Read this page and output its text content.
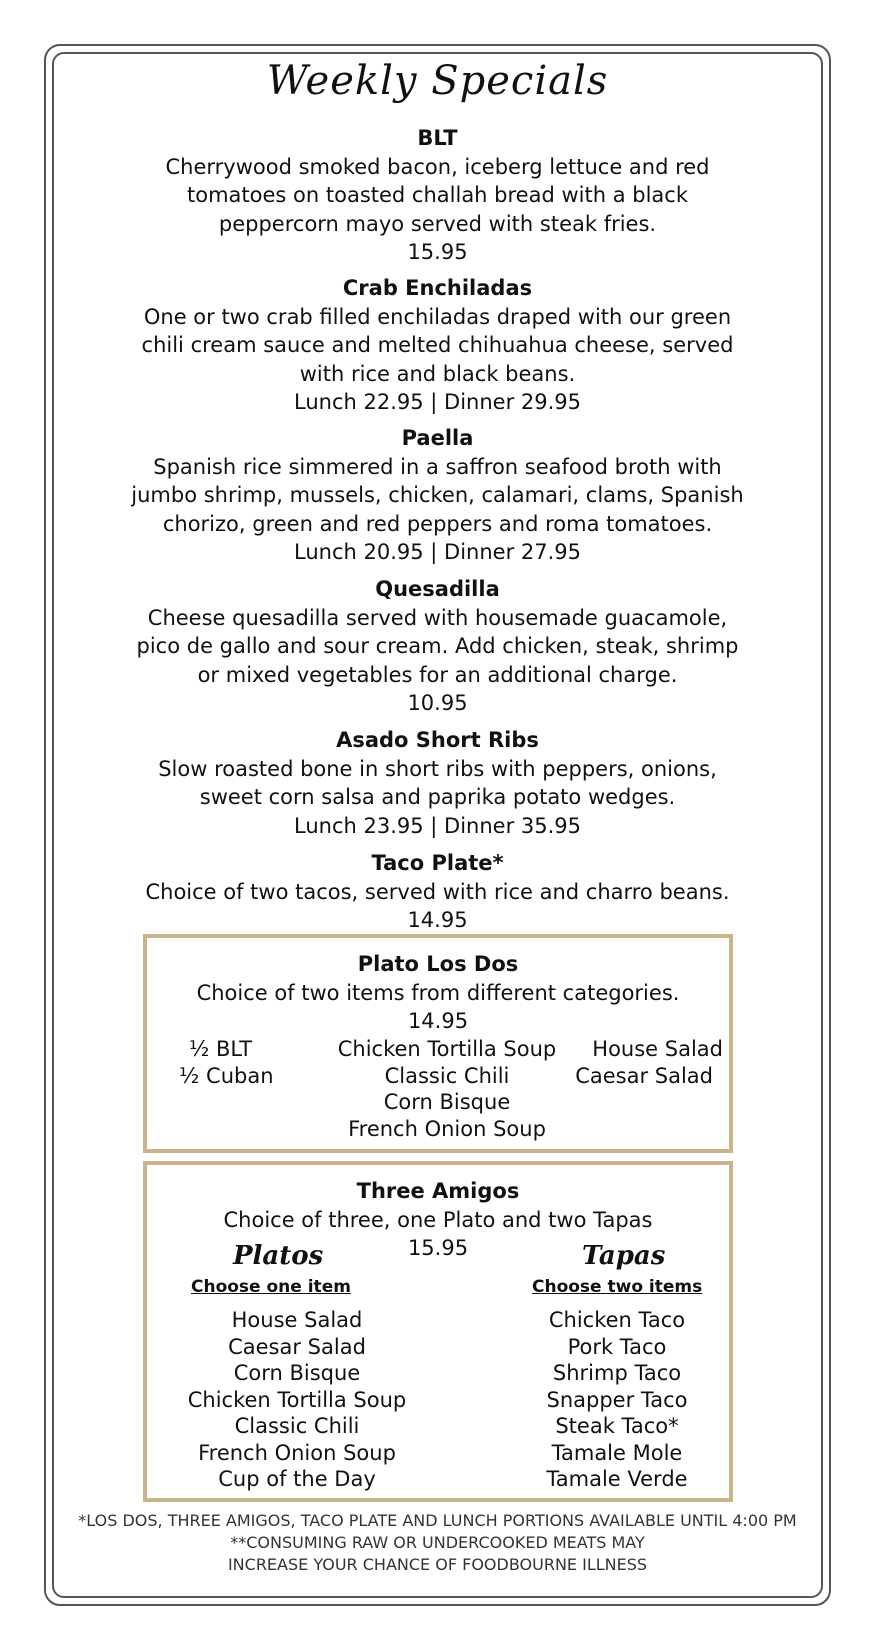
Weekly Specials
BLT
Cherrywood smoked bacon, iceberg lettuce and red
tomatoes on toasted challah bread with a black
peppercorn mayo served with steak fries.
15.95
Crab Enchiladas
One or two crab filled enchiladas draped with our green
chili cream sauce and melted chihuahua cheese, served
with rice and black beans.
Lunch 22.95 | Dinner 29.95
Paella
Spanish rice simmered in a saffron seafood broth with
jumbo shrimp, mussels, chicken, calamari, clams, Spanish
chorizo, green and red peppers and roma tomatoes.
Lunch 20.95 | Dinner 27.95
Quesadilla
Cheese quesadilla served with housemade guacamole,
pico de gallo and sour cream. Add chicken, steak, shrimp
or mixed vegetables for an additional charge.
10.95
Asado Short Ribs
Slow roasted bone in short ribs with peppers, onions,
sweet corn salsa and paprika potato wedges.
Lunch 23.95 | Dinner 35.95
Taco Plate*
Choice of two tacos, served with rice and charro beans.
14.95
Plato Los Dos
Choice of two items from different categories.
14.95
½ BLT
½ Cuban
Chicken Tortilla Soup
Classic Chili
Corn Bisque
French Onion Soup
House Salad
Caesar Salad
Three Amigos
Choice of three, one Plato and two Tapas
15.95
Platos
Choose one item
House Salad
Caesar Salad
Corn Bisque
Chicken Tortilla Soup
Classic Chili
French Onion Soup
Cup of the Day
Tapas
Choose two items
Chicken Taco
Pork Taco
Shrimp Taco
Snapper Taco
Steak Taco*
Tamale Mole
Tamale Verde
*LOS DOS, THREE AMIGOS, TACO PLATE AND LUNCH PORTIONS AVAILABLE UNTIL 4:00 PM
**CONSUMING RAW OR UNDERCOOKED MEATS MAY
INCREASE YOUR CHANCE OF FOODBOURNE ILLNESS
